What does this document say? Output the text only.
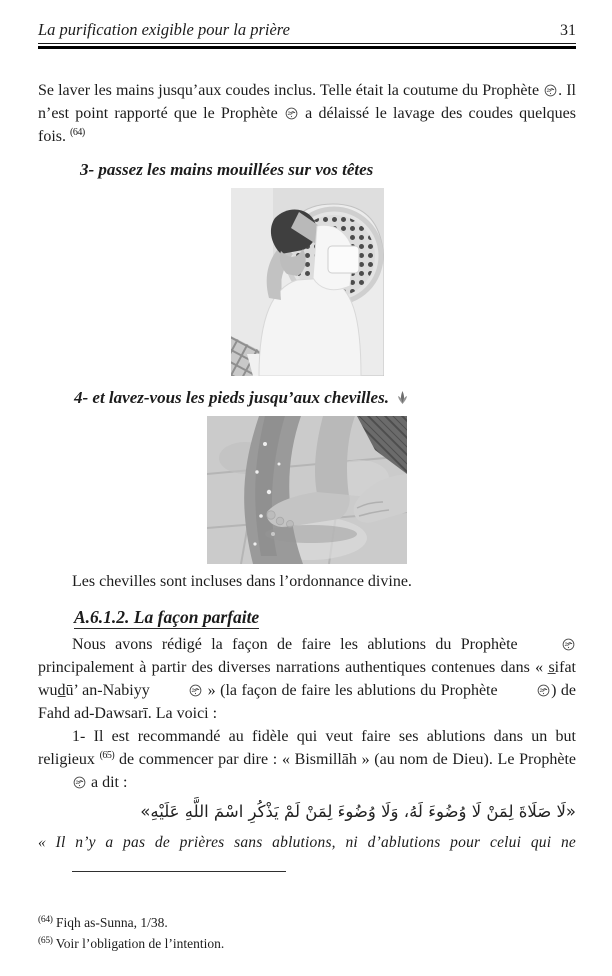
La purification exigible pour la prière	31

Se laver les mains jusqu’aux coudes inclus. Telle était la coutume du Prophète . Il n’est point rapporté que le Prophète  a délaissé le lavage des coudes quelques fois. $^{(64)}$

3- passez les mains mouillées sur vos têtes
4- et lavez-vous les pieds jusqu’aux chevilles.

Les chevilles sont incluses dans l’ordonnance divine.

A.6.1.2. La façon parfaite

Nous avons rédigé la façon de faire les ablutions du Prophète  principalement à partir des diverses narrations authentiques contenues dans « s̲ifat wud̲ū’ an-Nabiyy	» (la façon de faire les ablutions du Prophète	) de Fahd ad-Dawsarī. La voici :

1- Il est recommandé au fidèle qui veut faire ses ablutions dans un but religieux $^{(65)}$ de commencer par dire : « Bismillāh » (au nom de Dieu). Le Prophète  a dit :

«لَا صَلَاةَ لِمَنْ لَا وُضُوءَ لَهُ، وَلَا وُضُوءَ لِمَنْ لَمْ يَذْكُرِ اسْمَ اللَّهِ عَلَيْهِ»

« Il n’y a pas de prières sans ablutions, ni d’ablutions pour celui qui ne

$^{(64)}$ Fiqh as-Sunna, 1/38.

$^{(65)}$ Voir l’obligation de l’intention.
